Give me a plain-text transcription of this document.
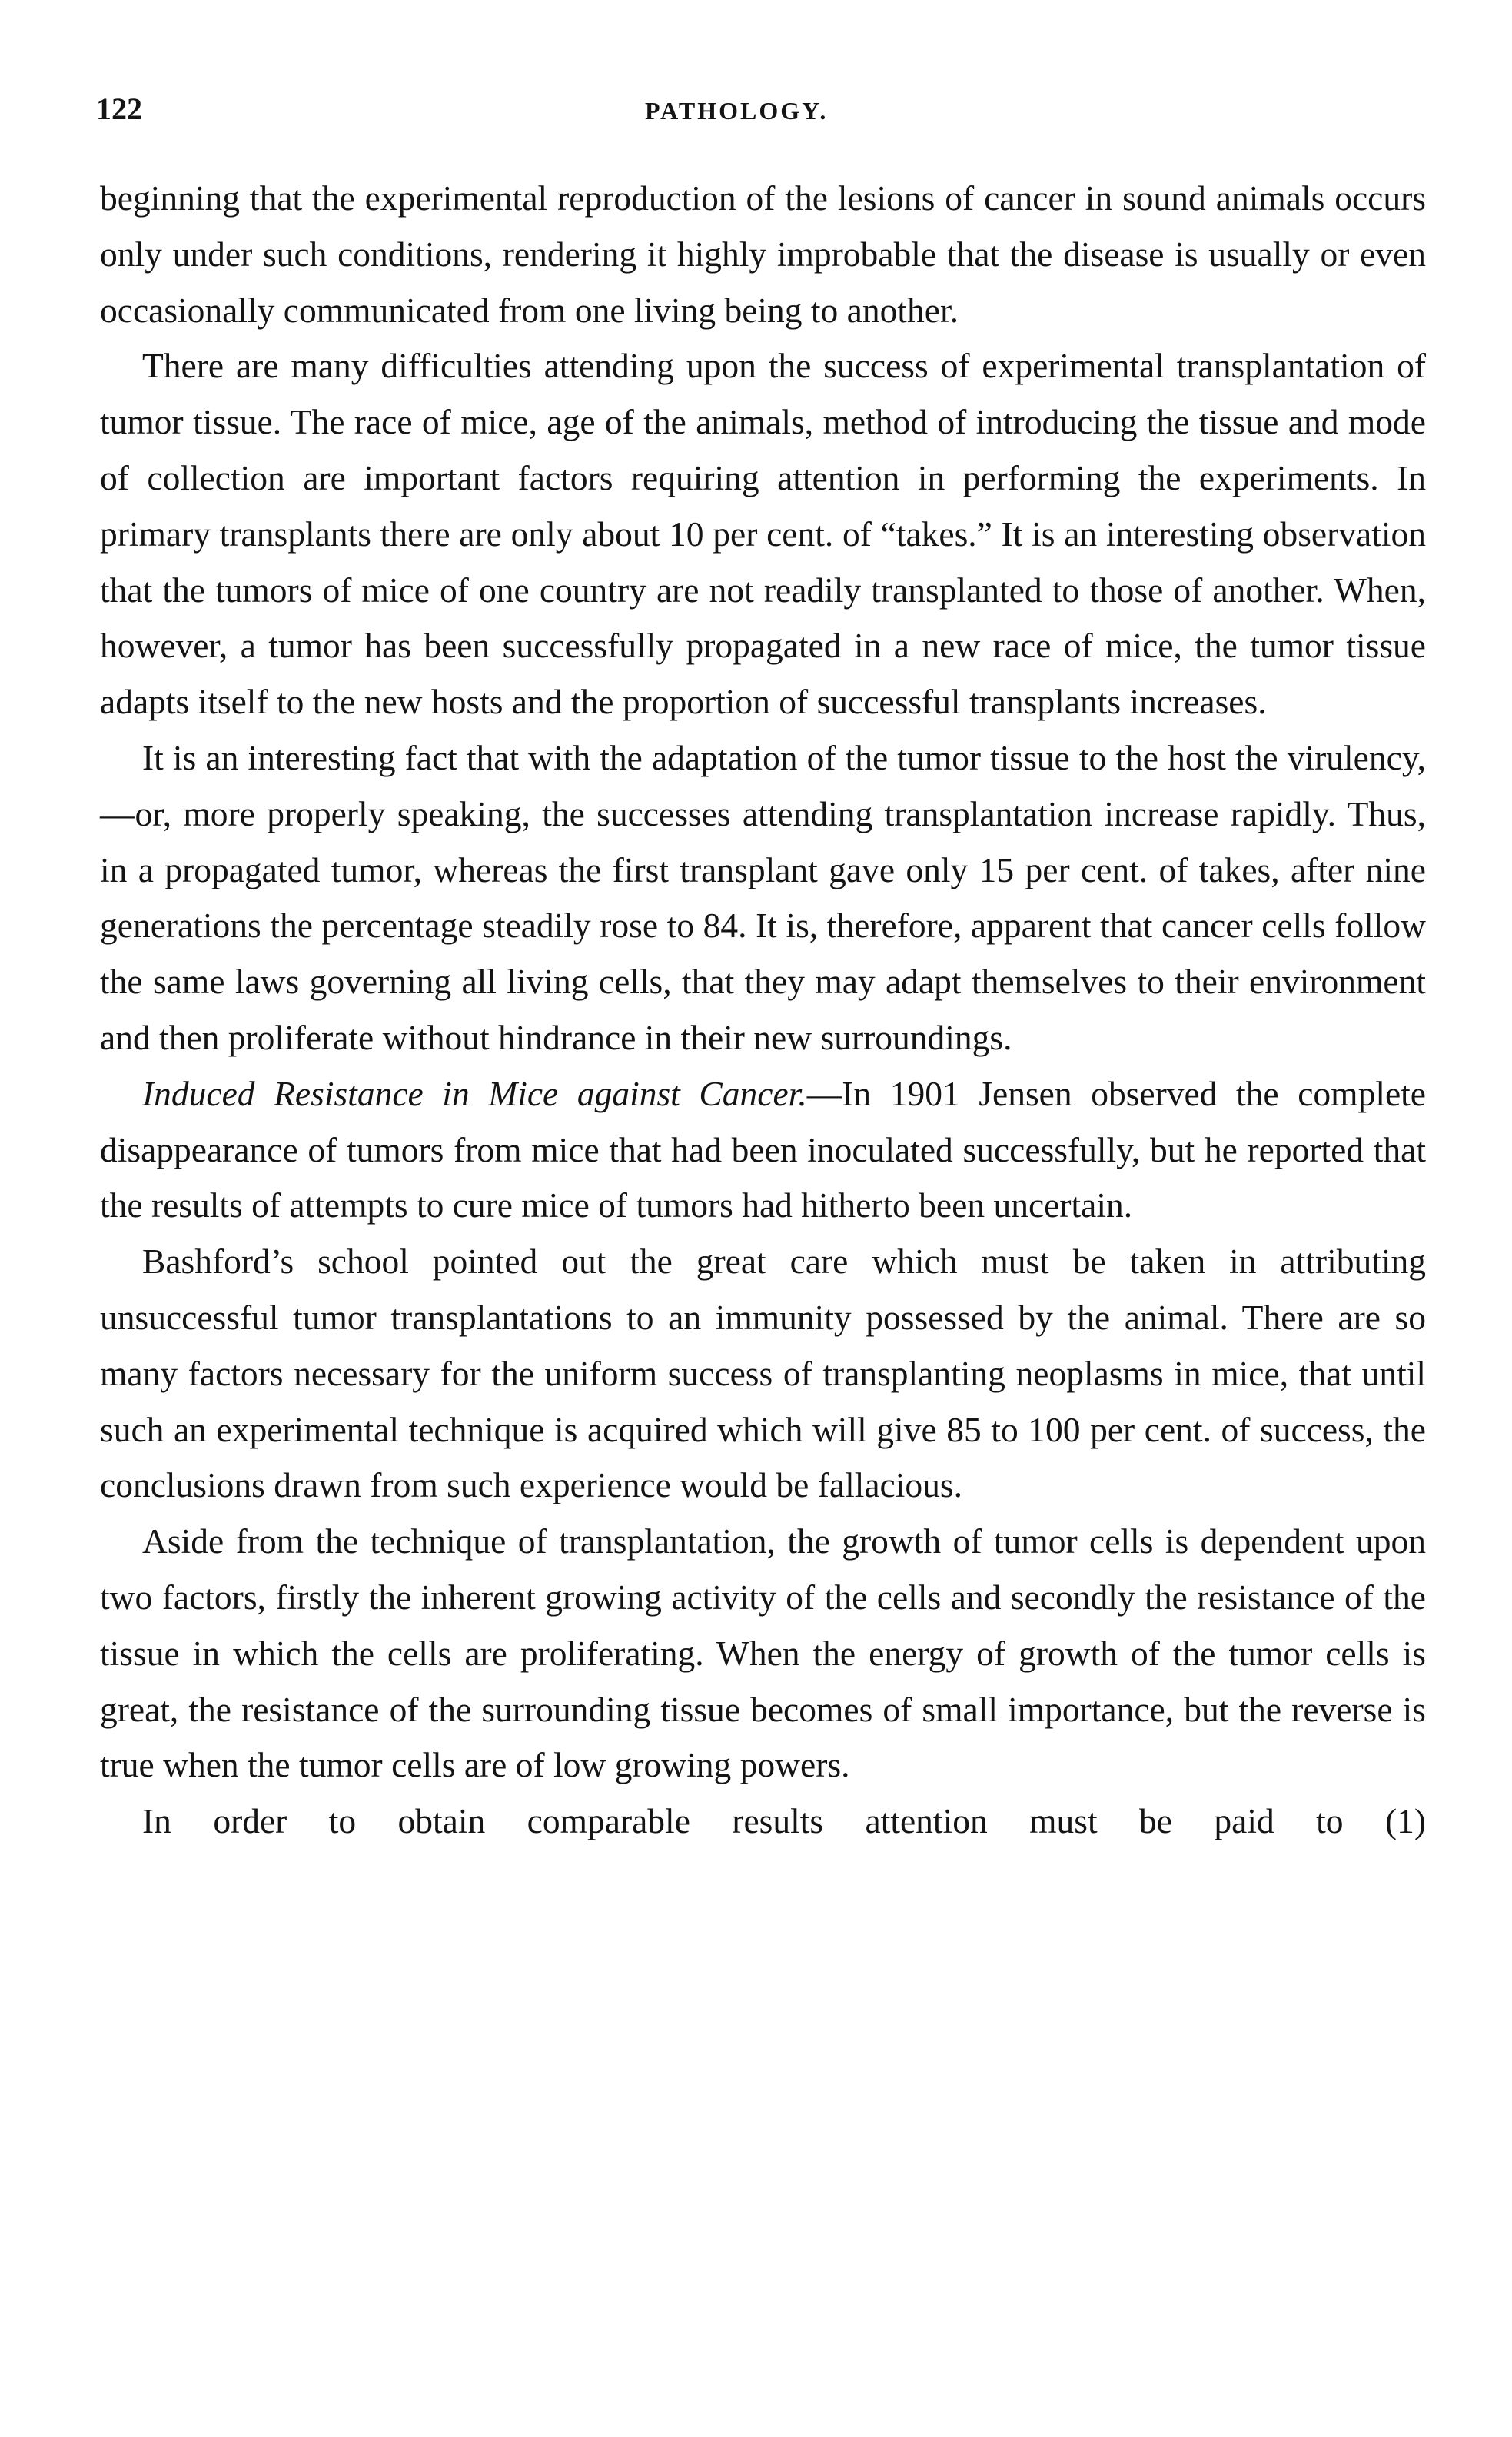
122	PATHOLOGY.

beginning that the experimental reproduction of the lesions of cancer in sound animals occurs only under such conditions, rendering it highly improbable that the disease is usually or even occasionally communicated from one living being to another.

There are many difficulties attending upon the success of experimental transplantation of tumor tissue. The race of mice, age of the animals, method of introducing the tissue and mode of collection are important factors requiring attention in performing the experiments. In primary transplants there are only about 10 per cent. of “takes.” It is an interesting observation that the tumors of mice of one country are not readily transplanted to those of another. When, however, a tumor has been successfully propagated in a new race of mice, the tumor tissue adapts itself to the new hosts and the proportion of successful transplants increases.

It is an interesting fact that with the adaptation of the tumor tissue to the host the virulency,—or, more properly speaking, the successes attending transplantation increase rapidly. Thus, in a propagated tumor, whereas the first transplant gave only 15 per cent. of takes, after nine generations the percentage steadily rose to 84. It is, therefore, apparent that cancer cells follow the same laws governing all living cells, that they may adapt themselves to their environment and then proliferate without hindrance in their new surroundings.

Induced Resistance in Mice against Cancer.—In 1901 Jensen observed the complete disappearance of tumors from mice that had been inoculated successfully, but he reported that the results of attempts to cure mice of tumors had hitherto been uncertain.

Bashford’s school pointed out the great care which must be taken in attributing unsuccessful tumor transplantations to an immunity possessed by the animal. There are so many factors necessary for the uniform success of transplanting neoplasms in mice, that until such an experimental technique is acquired which will give 85 to 100 per cent. of success, the conclusions drawn from such experience would be fallacious.

Aside from the technique of transplantation, the growth of tumor cells is dependent upon two factors, firstly the inherent growing activity of the cells and secondly the resistance of the tissue in which the cells are proliferating. When the energy of growth of the tumor cells is great, the resistance of the surrounding tissue becomes of small importance, but the reverse is true when the tumor cells are of low growing powers.

In order to obtain comparable results attention must be paid to (1)
